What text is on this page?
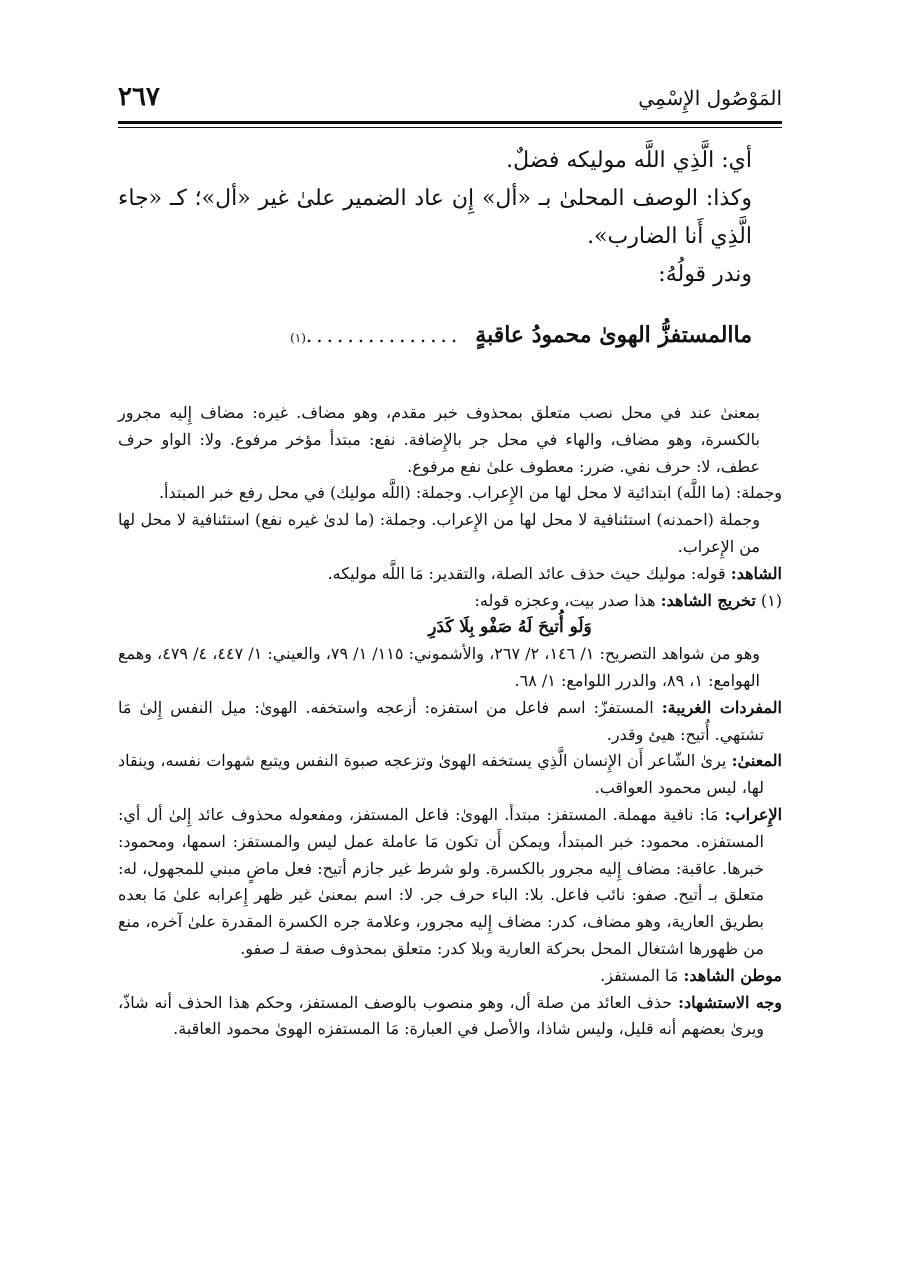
٢٦٧	المَوْصُول الإِسْمِي

أي: الَّذِي اللَّه موليكه فضلٌ.

وكذا: الوصف المحلىٰ بـ «أل» إِن عاد الضمير علىٰ غير «أل»؛ كـ «جاء الَّذِي أَنا الضارب».

وندر قولُهُ:

ماالمستفزُّ الهوىٰ محمودُ عاقبةٍ
...............
(١)

بمعنىٰ عند في محل نصب متعلق بمحذوف خبر مقدم، وهو مضاف. غيره: مضاف إِليه مجرور بالكسرة، وهو مضاف، والهاء في محل جر بالإِضافة. نفع: مبتدأ مؤخر مرفوع. ولا: الواو حرف عطف، لا: حرف نفي. ضرر: معطوف علىٰ نفع مرفوع.

وجملة: (ما اللَّه) ابتدائية لا محل لها من الإِعراب. وجملة: (اللَّه موليك) في محل رفع خبر المبتدأ.

وجملة (احمدنه) استئنافية لا محل لها من الإِعراب. وجملة: (ما لدىٰ غيره نفع) استئنافية لا محل لها من الإِعراب.

الشاهد: قوله: موليك حيث حذف عائد الصلة، والتقدير: مَا اللَّه موليكه.

(١) تخريج الشاهد: هذا صدر بيت، وعجزه قوله:

وَلَو أُتيحَ لَهُ صَفْو بِلَا كَدَرِ

وهو من شواهد التصريح: ١/ ١٤٦، ٢/ ٢٦٧، والأشموني: ١١٥/ ١/ ٧٩، والعيني: ١/ ٤٤٧، ٤/ ٤٧٩، وهمع الهوامع: ١، ٨٩، والدرر اللوامع: ١/ ٦٨.

المفردات الغريبة: المستفزّ: اسم فاعل من استفزه: أزعجه واستخفه. الهوىٰ: ميل النفس إِلىٰ مَا تشتهي. أُتيح: هيئ وقدر.

المعنىٰ: يرىٰ الشّاعر أَن الإِنسان الَّذِي يستخفه الهوىٰ وتزعجه صبوة النفس ويتبع شهوات نفسه، وينقاد لها، ليس محمود العواقب.

الإِعراب: مَا: نافية مهملة. المستفز: مبتدأ. الهوىٰ: فاعل المستفز، ومفعوله محذوف عائد إِلىٰ أل أي: المستفزه. محمود: خبر المبتدأ، ويمكن أَن تكون مَا عاملة عمل ليس والمستفز: اسمها، ومحمود: خبرها. عاقبة: مضاف إِليه مجرور بالكسرة. ولو شرط غير جازم أتيح: فعل ماضٍ مبني للمجهول، له: متعلق بـ أتيح. صفو: نائب فاعل. بلا: الباء حرف جر. لا: اسم بمعنىٰ غير ظهر إِعرابه علىٰ مَا بعده بطريق العارية، وهو مضاف، كدر: مضاف إِليه مجرور، وعلامة جره الكسرة المقدرة علىٰ آخره، منع من ظهورها اشتغال المحل بحركة العارية وبلا كدر: متعلق بمحذوف صفة لـ صفو.

موطن الشاهد: مَا المستفز.

وجه الاستشهاد: حذف العائد من صلة أل، وهو منصوب بالوصف المستفز، وحكم هذا الحذف أنه شاذّ، ويرىٰ بعضهم أنه قليل، وليس شاذا، والأصل في العبارة: مَا المستفزه الهوىٰ محمود العاقبة.
